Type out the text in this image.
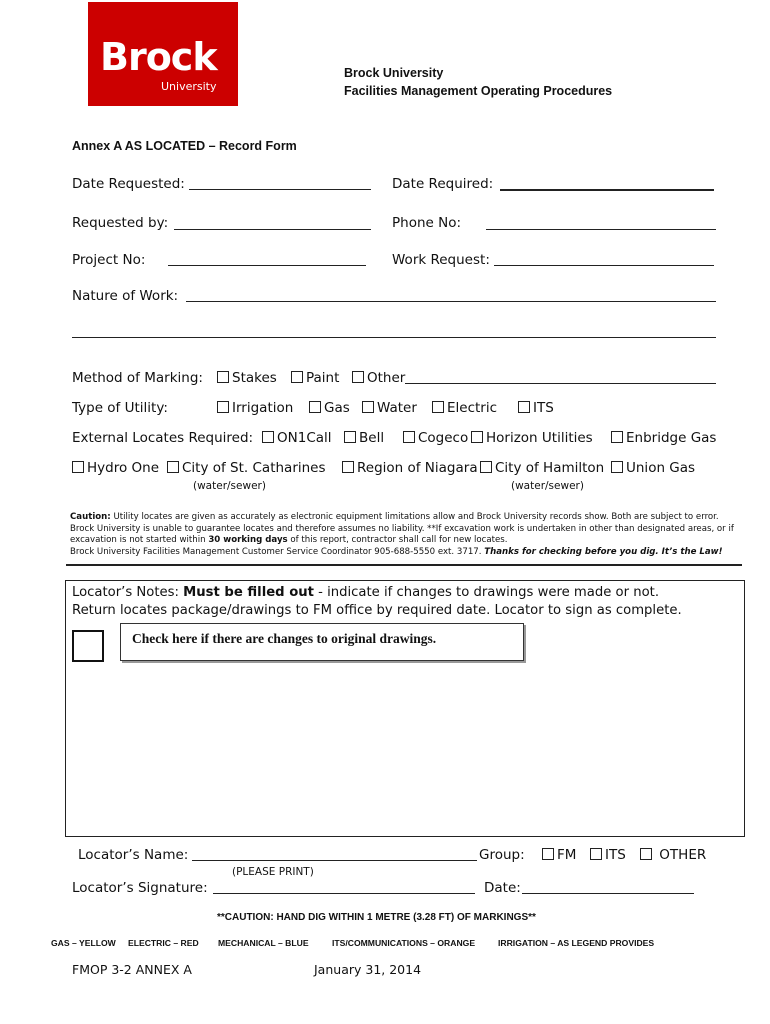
Brock
University
Brock University
Facilities Management Operating Procedures
Annex A AS LOCATED – Record Form
Date Requested:	Date Required:
Requested by:	Phone No:
Project No:	Work Request:
Nature of Work:
Method of Marking:	Stakes	Paint	Other
Type of Utility:	Irrigation	Gas	Water	Electric	ITS
External Locates Required:	ON1Call	Bell	Cogeco	Horizon Utilities	Enbridge Gas
Hydro One	City of St. Catharines	Region of Niagara	City of Hamilton	Union Gas
(water/sewer)	(water/sewer)
Caution: Utility locates are given as accurately as electronic equipment limitations allow and Brock University records show. Both are subject to error. Brock University is unable to guarantee locates and therefore assumes no liability. **If excavation work is undertaken in other than designated areas, or if excavation is not started within 30 working days of this report, contractor shall call for new locates.
Brock University Facilities Management Customer Service Coordinator 905-688-5550 ext. 3717. Thanks for checking before you dig. It’s the Law!
Locator’s Notes: Must be filled out - indicate if changes to drawings were made or not.
Return locates package/drawings to FM office by required date. Locator to sign as complete.
Check here if there are changes to original drawings.
Locator’s Name:	Group:	FM	ITS	OTHER
(PLEASE PRINT)
Locator’s Signature:	Date:
**CAUTION: HAND DIG WITHIN 1 METRE (3.28 FT) OF MARKINGS**
GAS – YELLOW ELECTRIC – RED MECHANICAL – BLUE	ITS/COMMUNICATIONS – ORANGE	IRRIGATION – AS LEGEND PROVIDES
FMOP 3-2 ANNEX A	January 31, 2014
